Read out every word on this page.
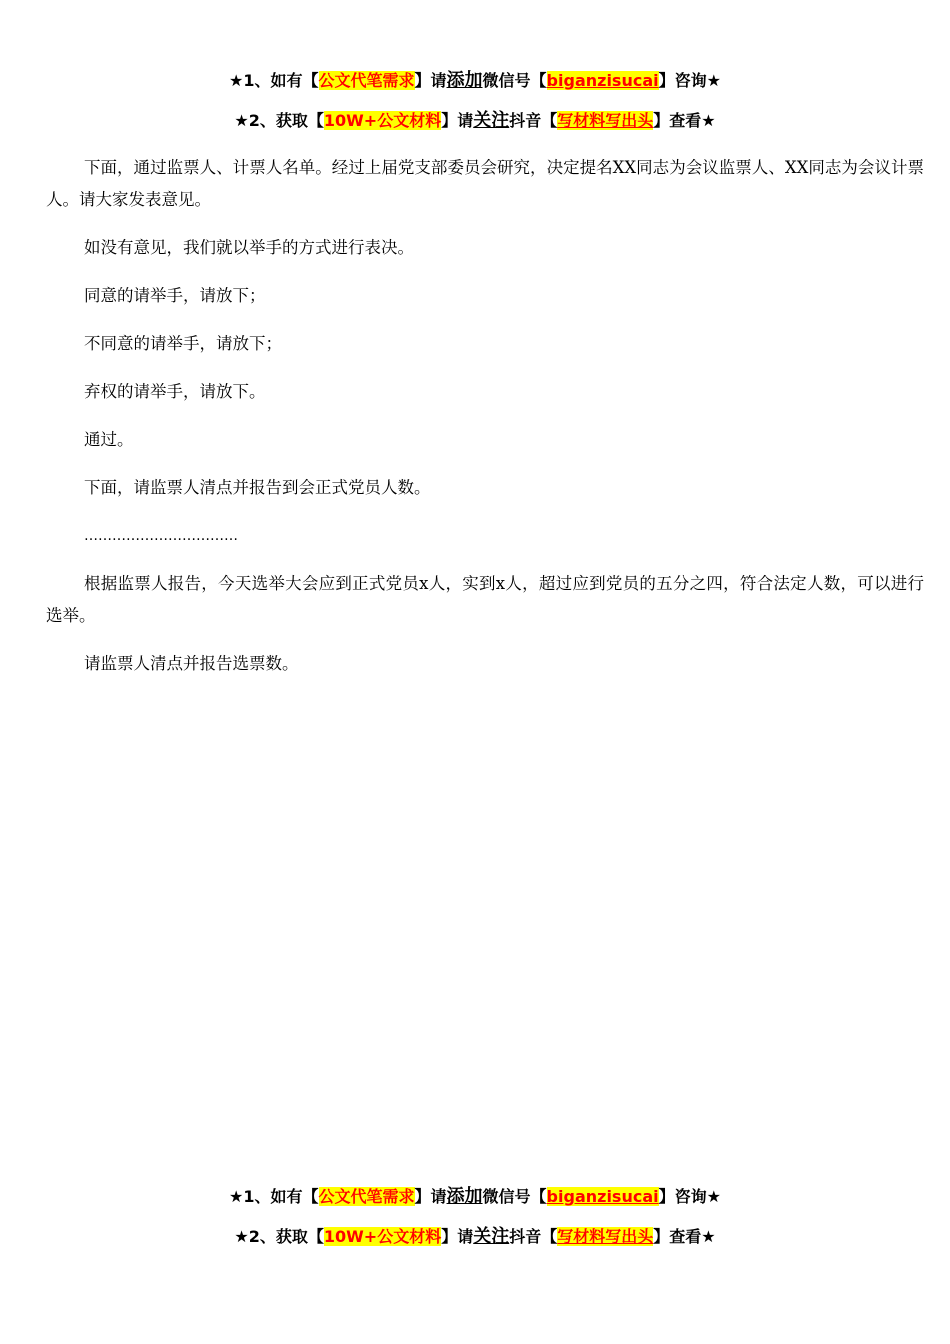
★1、如有【公文代笔需求】请添加微信号【biganzisucai】咨询★
★2、获取【10W+公文材料】请关注抖音【写材料写出头】查看★

下面，通过监票人、计票人名单。经过上届党支部委员会研究，决定提名XX同志为会议监票人、XX同志为会议计票人。请大家发表意见。

如没有意见，我们就以举手的方式进行表决。

同意的请举手，请放下；

不同意的请举手，请放下；

弃权的请举手，请放下。

通过。

下面，请监票人清点并报告到会正式党员人数。

……………………………

根据监票人报告，今天选举大会应到正式党员x人，实到x人，超过应到党员的五分之四，符合法定人数，可以进行选举。

请监票人清点并报告选票数。

★1、如有【公文代笔需求】请添加微信号【biganzisucai】咨询★
★2、获取【10W+公文材料】请关注抖音【写材料写出头】查看★
